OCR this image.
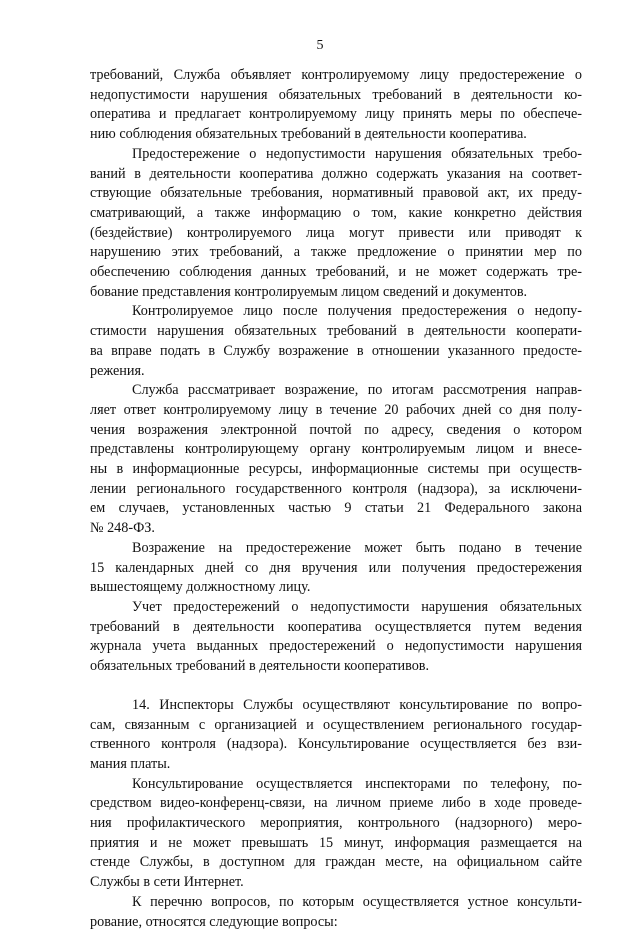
5
требований, Служба объявляет контролируемому лицу предостережение о
недопустимости нарушения обязательных требований в деятельности ко-
оператива и предлагает контролируемому лицу принять меры по обеспече-
нию соблюдения обязательных требований в деятельности кооператива.
Предостережение о недопустимости нарушения обязательных требо-
ваний в деятельности кооператива должно содержать указания на соответ-
ствующие обязательные требования, нормативный правовой акт, их преду-
сматривающий, а также информацию о том, какие конкретно действия
(бездействие) контролируемого лица могут привести или приводят к
нарушению этих требований, а также предложение о принятии мер по
обеспечению соблюдения данных требований, и не может содержать тре-
бование представления контролируемым лицом сведений и документов.
Контролируемое лицо после получения предостережения о недопу-
стимости нарушения обязательных требований в деятельности кооперати-
ва вправе подать в Службу возражение в отношении указанного предосте-
режения.
Служба рассматривает возражение, по итогам рассмотрения направ-
ляет ответ контролируемому лицу в течение 20 рабочих дней со дня полу-
чения возражения электронной почтой по адресу, сведения о котором
представлены контролирующему органу контролируемым лицом и внесе-
ны в информационные ресурсы, информационные системы при осуществ-
лении регионального государственного контроля (надзора), за исключени-
ем случаев, установленных частью 9 статьи 21 Федерального закона
№ 248-ФЗ.
Возражение на предостережение может быть подано в течение
15 календарных дней со дня вручения или получения предостережения
вышестоящему должностному лицу.
Учет предостережений о недопустимости нарушения обязательных
требований в деятельности кооператива осуществляется путем ведения
журнала учета выданных предостережений о недопустимости нарушения
обязательных требований в деятельности кооперативов.
14. Инспекторы Службы осуществляют консультирование по вопро-
сам, связанным с организацией и осуществлением регионального государ-
ственного контроля (надзора). Консультирование осуществляется без взи-
мания платы.
Консультирование осуществляется инспекторами по телефону, по-
средством видео-конференц-связи, на личном приеме либо в ходе проведе-
ния профилактического мероприятия, контрольного (надзорного) меро-
приятия и не может превышать 15 минут, информация размещается на
стенде Службы, в доступном для граждан месте, на официальном сайте
Службы в сети Интернет.
К перечню вопросов, по которым осуществляется устное консульти-
рование, относятся следующие вопросы:
